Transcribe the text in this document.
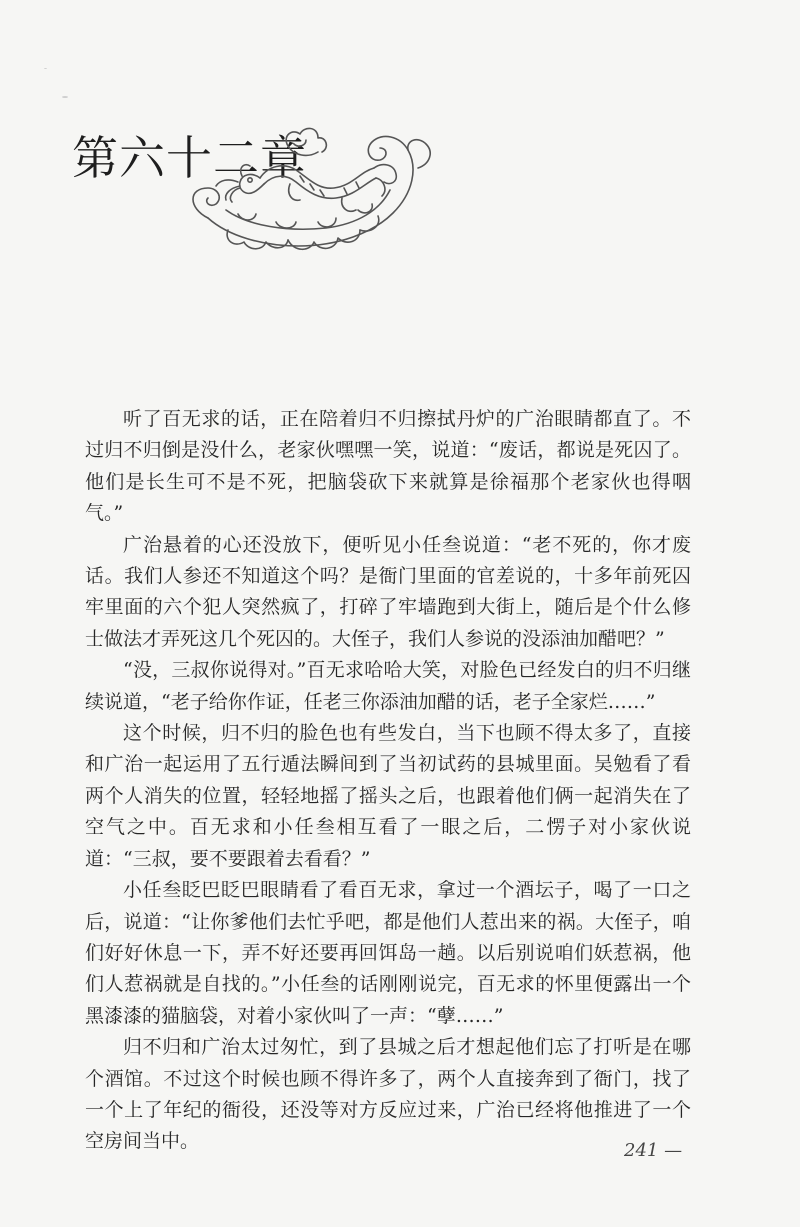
第六十二章

听了百无求的话，正在陪着归不归擦拭丹炉的广治眼睛都直了。不过归不归倒是没什么，老家伙嘿嘿一笑，说道：“废话，都说是死囚了。他们是长生可不是不死，把脑袋砍下来就算是徐福那个老家伙也得咽气。”

广治悬着的心还没放下，便听见小任叁说道：“老不死的，你才废话。我们人参还不知道这个吗？是衙门里面的官差说的，十多年前死囚牢里面的六个犯人突然疯了，打碎了牢墙跑到大街上，随后是个什么修士做法才弄死这几个死囚的。大侄子，我们人参说的没添油加醋吧？”

“没，三叔你说得对。”百无求哈哈大笑，对脸色已经发白的归不归继续说道，“老子给你作证，任老三你添油加醋的话，老子全家烂……”

这个时候，归不归的脸色也有些发白，当下也顾不得太多了，直接和广治一起运用了五行遁法瞬间到了当初试药的县城里面。吴勉看了看两个人消失的位置，轻轻地摇了摇头之后，也跟着他们俩一起消失在了空气之中。百无求和小任叁相互看了一眼之后，二愣子对小家伙说道：“三叔，要不要跟着去看看？”

小任叁眨巴眨巴眼睛看了看百无求，拿过一个酒坛子，喝了一口之后，说道：“让你爹他们去忙乎吧，都是他们人惹出来的祸。大侄子，咱们好好休息一下，弄不好还要再回饵岛一趟。以后别说咱们妖惹祸，他们人惹祸就是自找的。”小任叁的话刚刚说完，百无求的怀里便露出一个黑漆漆的猫脑袋，对着小家伙叫了一声：“孽……”

归不归和广治太过匆忙，到了县城之后才想起他们忘了打听是在哪个酒馆。不过这个时候也顾不得许多了，两个人直接奔到了衙门，找了一个上了年纪的衙役，还没等对方反应过来，广治已经将他推进了一个空房间当中。	241 —
